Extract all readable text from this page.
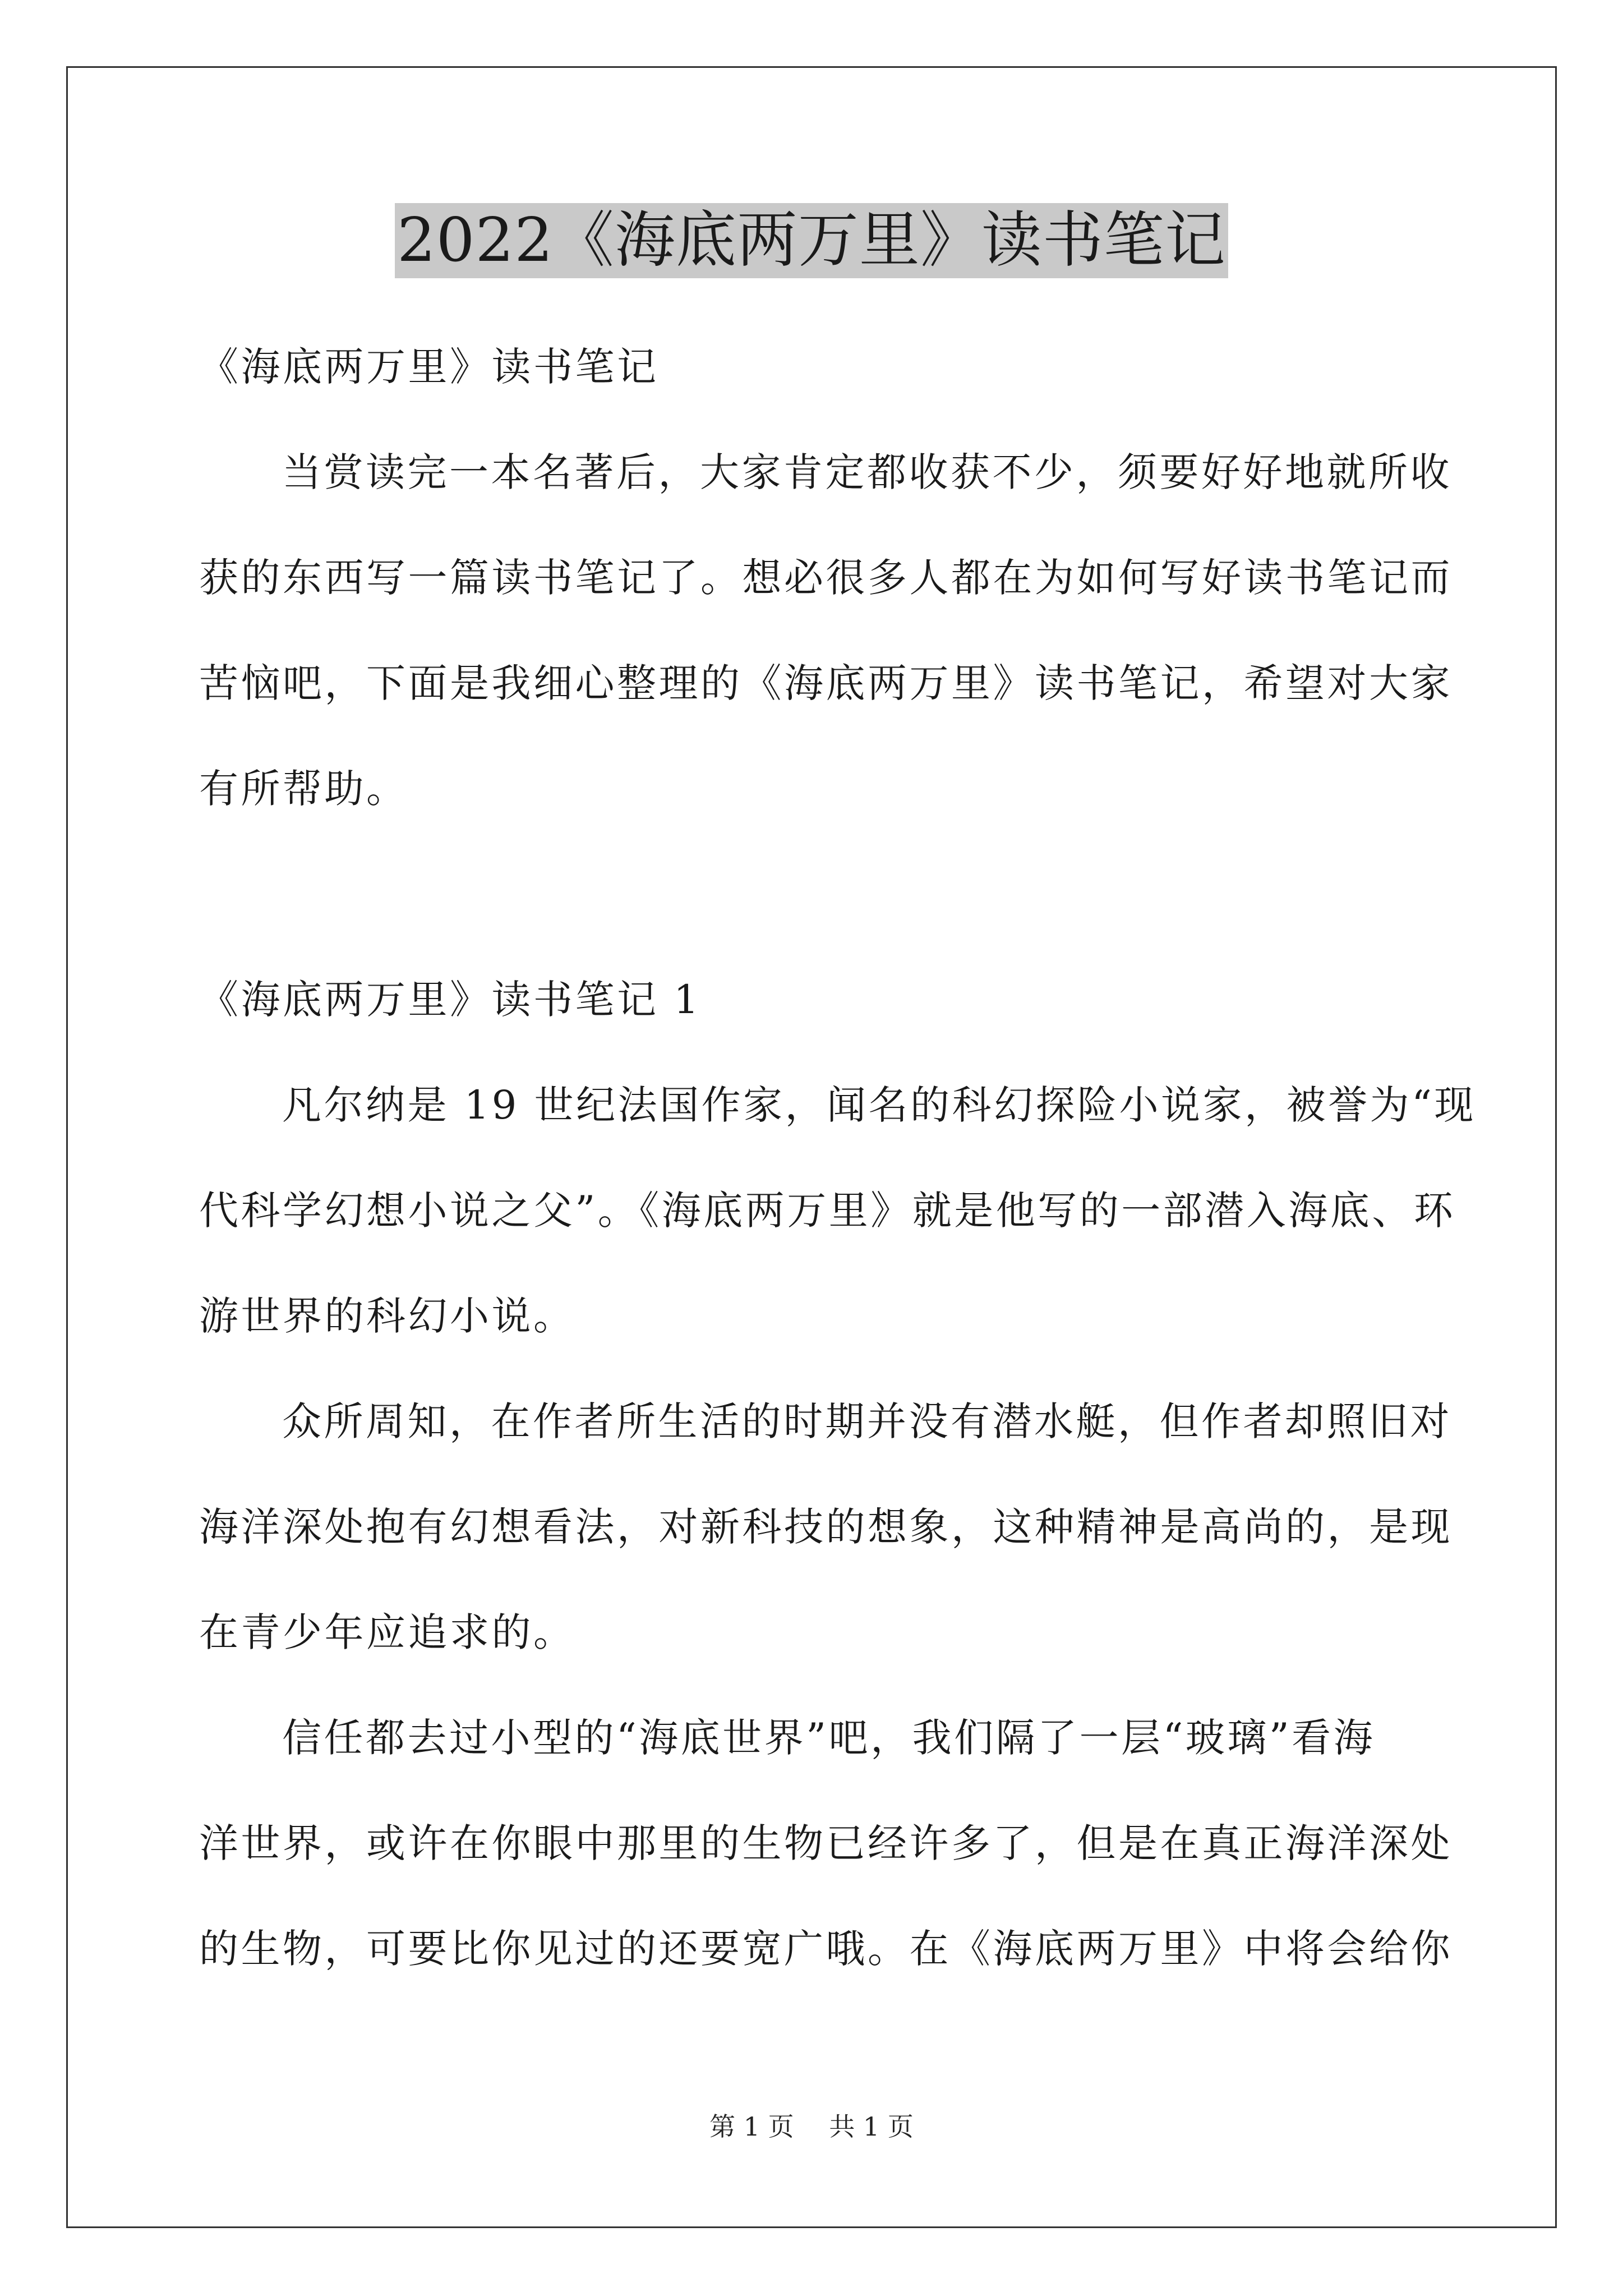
2022《海底两万里》读书笔记
《海底两万里》读书笔记
当赏读完一本名著后，大家肯定都收获不少，须要好好地就所收
获的东西写一篇读书笔记了。想必很多人都在为如何写好读书笔记而
苦恼吧，下面是我细心整理的《海底两万里》读书笔记，希望对大家
有所帮助。
《海底两万里》读书笔记 1
凡尔纳是 19 世纪法国作家，闻名的科幻探险小说家，被誉为“现
代科学幻想小说之父”。《海底两万里》就是他写的一部潜入海底、环
游世界的科幻小说。
众所周知，在作者所生活的时期并没有潜水艇，但作者却照旧对
海洋深处抱有幻想看法，对新科技的想象，这种精神是高尚的，是现
在青少年应追求的。
信任都去过小型的“海底世界”吧，我们隔了一层“玻璃”看海
洋世界，或许在你眼中那里的生物已经许多了，但是在真正海洋深处
的生物，可要比你见过的还要宽广哦。在《海底两万里》中将会给你
第 1 页 共 1 页
